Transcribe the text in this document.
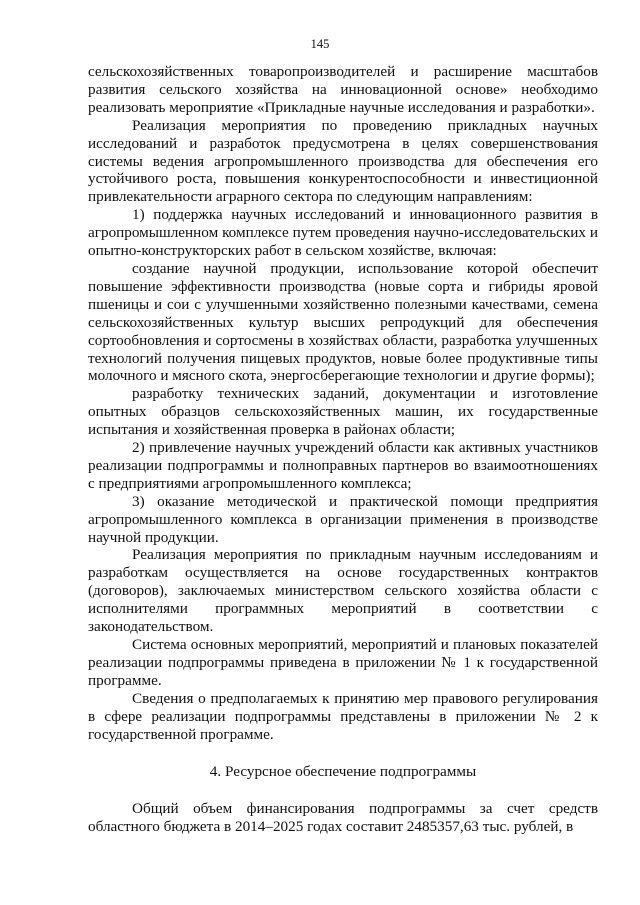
145

сельскохозяйственных товаропроизводителей и расширение масштабов развития сельского хозяйства на инновационной основе» необходимо реализовать мероприятие «Прикладные научные исследования и разработки».

Реализация мероприятия по проведению прикладных научных исследований и разработок предусмотрена в целях совершенствования системы ведения агропромышленного производства для обеспечения его устойчивого роста, повышения конкурентоспособности и инвестиционной привлекательности аграрного сектора по следующим направлениям:

1) поддержка научных исследований и инновационного развития в агропромышленном комплексе путем проведения научно-исследовательских и опытно-конструкторских работ в сельском хозяйстве, включая:

создание научной продукции, использование которой обеспечит повышение эффективности производства (новые сорта и гибриды яровой пшеницы и сои с улучшенными хозяйственно полезными качествами, семена сельскохозяйственных культур высших репродукций для обеспечения сортообновления и сортосмены в хозяйствах области, разработка улучшенных технологий получения пищевых продуктов, новые более продуктивные типы молочного и мясного скота, энергосберегающие технологии и другие формы);

разработку технических заданий, документации и изготовление опытных образцов сельскохозяйственных машин, их государственные испытания и хозяйственная проверка в районах области;

2) привлечение научных учреждений области как активных участников реализации подпрограммы и полноправных партнеров во взаимоотношениях с предприятиями агропромышленного комплекса;

3) оказание методической и практической помощи предприятия агропромышленного комплекса в организации применения в производстве научной продукции.

Реализация мероприятия по прикладным научным исследованиям и разработкам осуществляется на основе государственных контрактов (договоров), заключаемых министерством сельского хозяйства области с исполнителями программных мероприятий в соответствии с законодательством.

Система основных мероприятий, мероприятий и плановых показателей реализации подпрограммы приведена в приложении № 1 к государственной программе.

Сведения о предполагаемых к принятию мер правового регулирования в сфере реализации подпрограммы представлены в приложении № 2 к государственной программе.

4. Ресурсное обеспечение подпрограммы

Общий объем финансирования подпрограммы за счет средств областного бюджета в 2014–2025 годах составит 2485357,63 тыс. рублей, в
